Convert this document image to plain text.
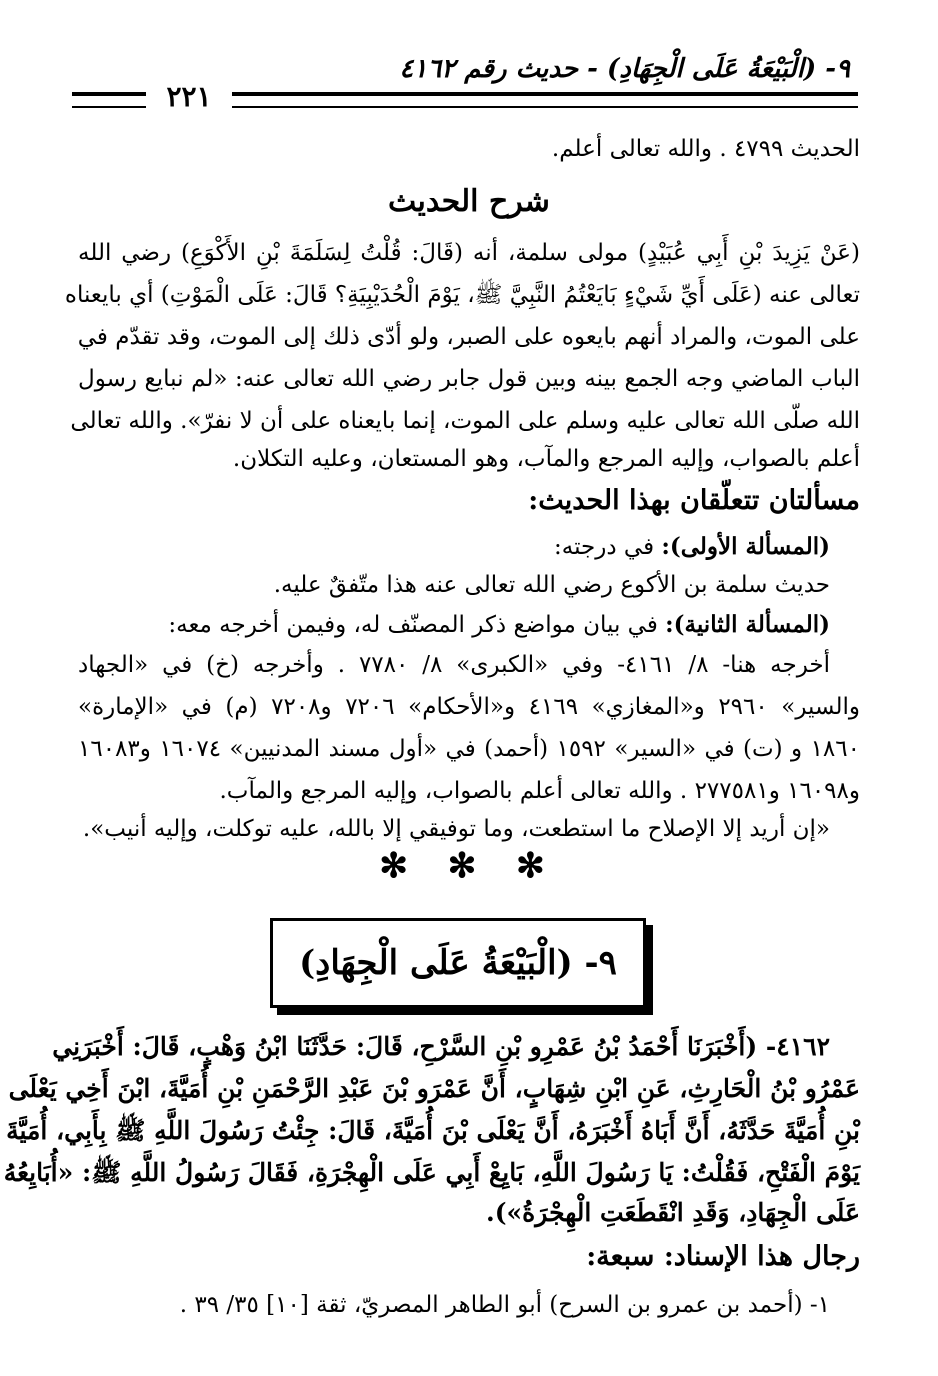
٩- (الْبَيْعَةُ عَلَى الْجِهَادِ) - حديث رقم ٤١٦٢
٢٢١
الحديث ٤٧٩٩ . والله تعالى أعلم.
شرح الحديث
(عَنْ يَزِيدَ بْنِ أَبِي عُبَيْدٍ) مولى سلمة، أنه (قَالَ: قُلْتُ لِسَلَمَةَ بْنِ الأَكْوَعِ) رضي الله
تعالى عنه (عَلَى أَيِّ شَيْءٍ بَايَعْتُمُ النَّبِيَّ ﷺ، يَوْمَ الْحُدَيْبِيَةِ؟ قَالَ: عَلَى الْمَوْتِ) أي بايعناه
على الموت، والمراد أنهم بايعوه على الصبر، ولو أدّى ذلك إلى الموت، وقد تقدّم في
الباب الماضي وجه الجمع بينه وبين قول جابر رضي الله تعالى عنه: «لم نبايع رسول
الله صلّى الله تعالى عليه وسلم على الموت، إنما بايعناه على أن لا نفرّ». والله تعالى
أعلم بالصواب، وإليه المرجع والمآب، وهو المستعان، وعليه التكلان.
مسألتان تتعلّقان بهذا الحديث:
(المسألة الأولى): في درجته:
حديث سلمة بن الأكوع رضي الله تعالى عنه هذا متّفقٌ عليه.
(المسألة الثانية): في بيان مواضع ذكر المصنّف له، وفيمن أخرجه معه:
أخرجه هنا- ٨/ ٤١٦١- وفي «الكبرى» ٨/ ٧٧٨٠ . وأخرجه (خ) في «الجهاد
والسير» ٢٩٦٠ و«المغازي» ٤١٦٩ و«الأحكام» ٧٢٠٦ و٧٢٠٨ (م) في «الإمارة»
١٨٦٠ و (ت) في «السير» ١٥٩٢ (أحمد) في «أول مسند المدنيين» ١٦٠٧٤ و١٦٠٨٣
و١٦٠٩٨ و٢٧٧٥٨١ . والله تعالى أعلم بالصواب، وإليه المرجع والمآب.
«إن أريد إلا الإصلاح ما استطعت، وما توفيقي إلا بالله، عليه توكلت، وإليه أنيب».
✻ ✻ ✻
٩- (الْبَيْعَةُ عَلَى الْجِهَادِ)
٤١٦٢- (أَخْبَرَنَا أَحْمَدُ بْنُ عَمْرِو بْنِ السَّرْحِ، قَالَ: حَدَّثَنَا ابْنُ وَهْبٍ، قَالَ: أَخْبَرَنِي
عَمْرُو بْنُ الْحَارِثِ، عَنِ ابْنِ شِهَابٍ، أَنَّ عَمْرَو بْنَ عَبْدِ الرَّحْمَنِ بْنِ أُمَيَّةَ، ابْنَ أَخِي يَعْلَى
بْنِ أُمَيَّةَ حَدَّثَهُ، أَنَّ أَبَاهُ أَخْبَرَهُ، أَنَّ يَعْلَى بْنَ أُمَيَّةَ، قَالَ: جِئْتُ رَسُولَ اللَّهِ ﷺ بِأَبِي، أُمَيَّةَ
يَوْمَ الْفَتْحِ، فَقُلْتُ: يَا رَسُولَ اللَّهِ، بَايِعْ أَبِي عَلَى الْهِجْرَةِ، فَقَالَ رَسُولُ اللَّهِ ﷺ: «أُبَايِعُهُ
عَلَى الْجِهَادِ، وَقَدِ انْقَطَعَتِ الْهِجْرَةُ»).
رجال هذا الإسناد: سبعة:
١- (أحمد بن عمرو بن السرح) أبو الطاهر المصريّ، ثقة [١٠] ٣٥/ ٣٩ .
